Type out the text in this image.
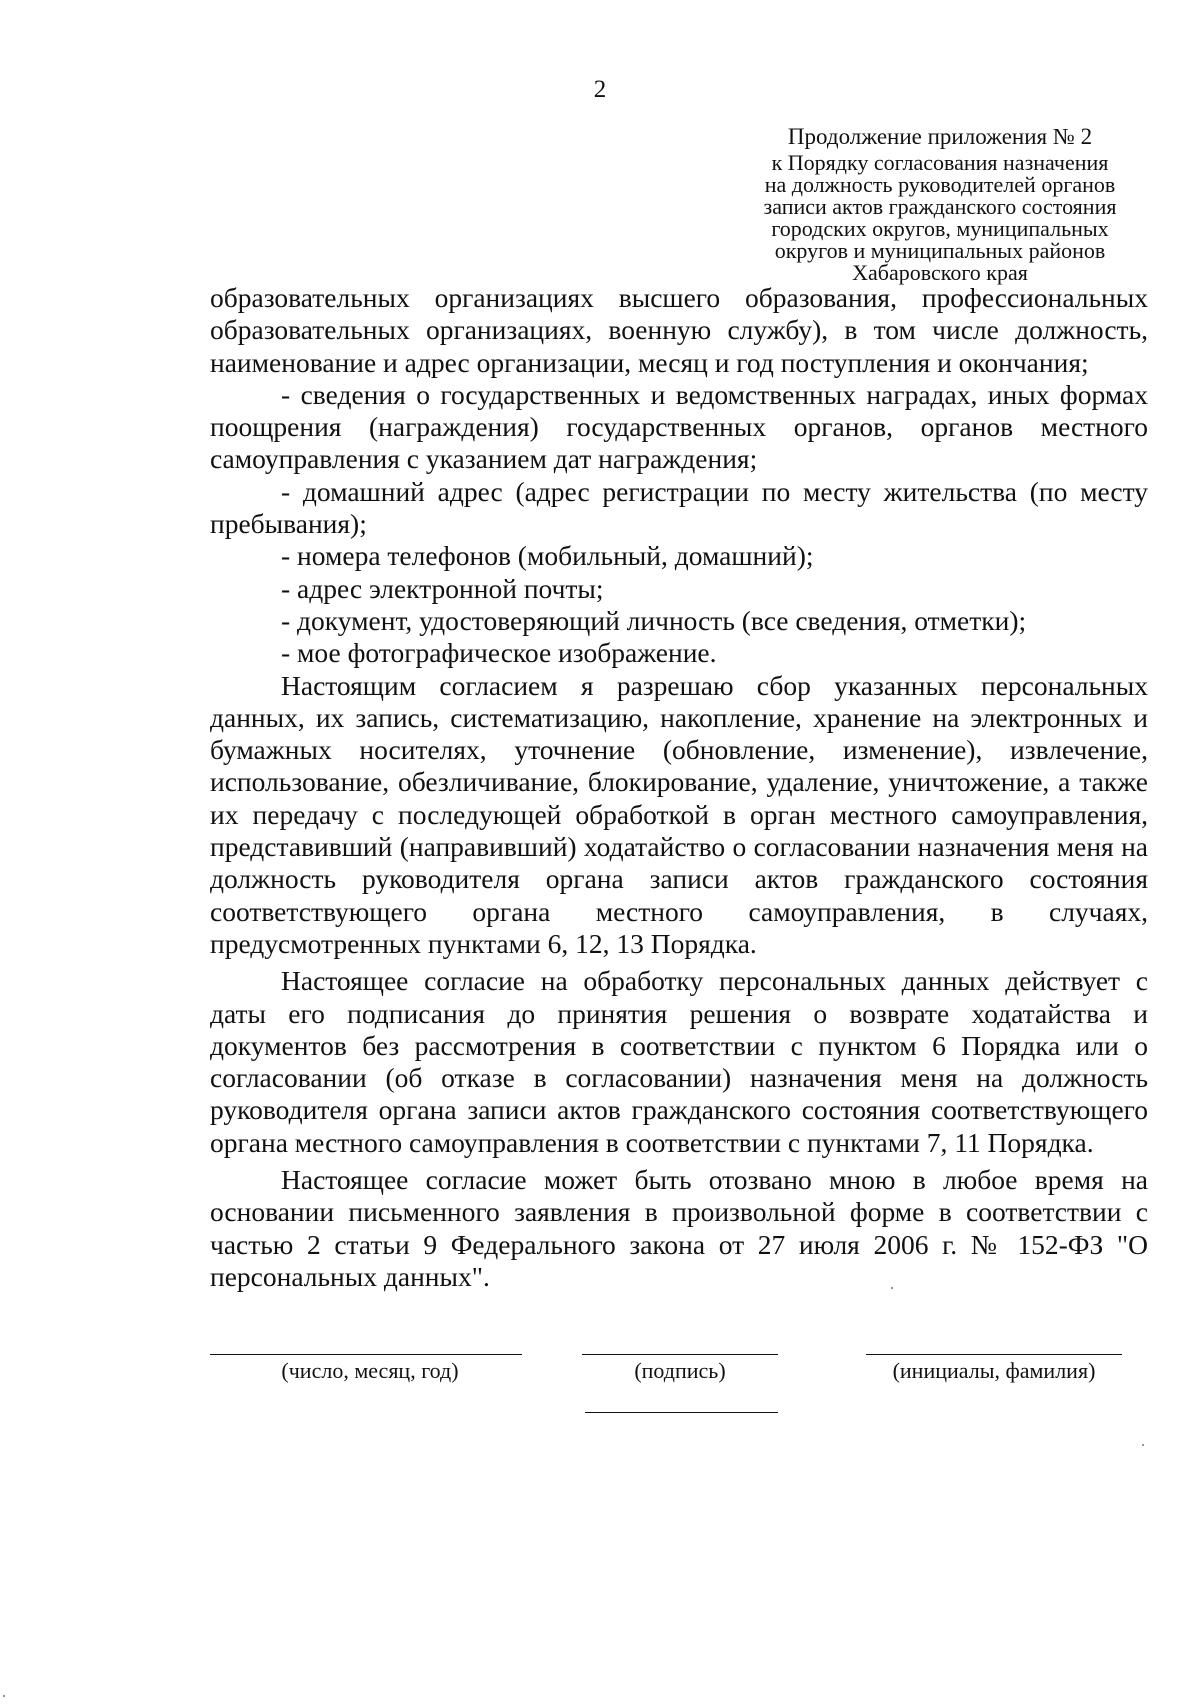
2
Продолжение приложения № 2
к Порядку согласования назначения
на должность руководителей органов
записи актов гражданского состояния
городских округов, муниципальных
округов и муниципальных районов
Хабаровского края

образовательных организациях высшего образования, профессиональных образовательных организациях, военную службу), в том числе должность, наименование и адрес организации, месяц и год поступления и окончания;

- сведения о государственных и ведомственных наградах, иных формах поощрения (награждения) государственных органов, органов местного самоуправления с указанием дат награждения;

- домашний адрес (адрес регистрации по месту жительства (по месту пребывания);

- номера телефонов (мобильный, домашний);

- адрес электронной почты;

- документ, удостоверяющий личность (все сведения, отметки);

- мое фотографическое изображение.

Настоящим согласием я разрешаю сбор указанных персональных данных, их запись, систематизацию, накопление, хранение на электронных и бумажных носителях, уточнение (обновление, изменение), извлечение, использование, обезличивание, блокирование, удаление, уничтожение, а также их передачу с последующей обработкой в орган местного самоуправления, представивший (направивший) ходатайство о согласовании назначения меня на должность руководителя органа записи актов гражданского состояния соответствующего органа местного самоуправления, в случаях, предусмотренных пунктами 6, 12, 13 Порядка.

Настоящее согласие на обработку персональных данных действует с даты его подписания до принятия решения о возврате ходатайства и документов без рассмотрения в соответствии с пунктом 6 Порядка или о согласовании (об отказе в согласовании) назначения меня на должность руководителя органа записи актов гражданского состояния соответствующего органа местного самоуправления в соответствии с пунктами 7, 11 Порядка.

Настоящее согласие может быть отозвано мною в любое время на основании письменного заявления в произвольной форме в соответствии с частью 2 статьи 9 Федерального закона от 27 июля 2006 г. № 152-ФЗ "О персональных данных".

(число, месяц, год)	(подпись)	(инициалы, фамилия)
